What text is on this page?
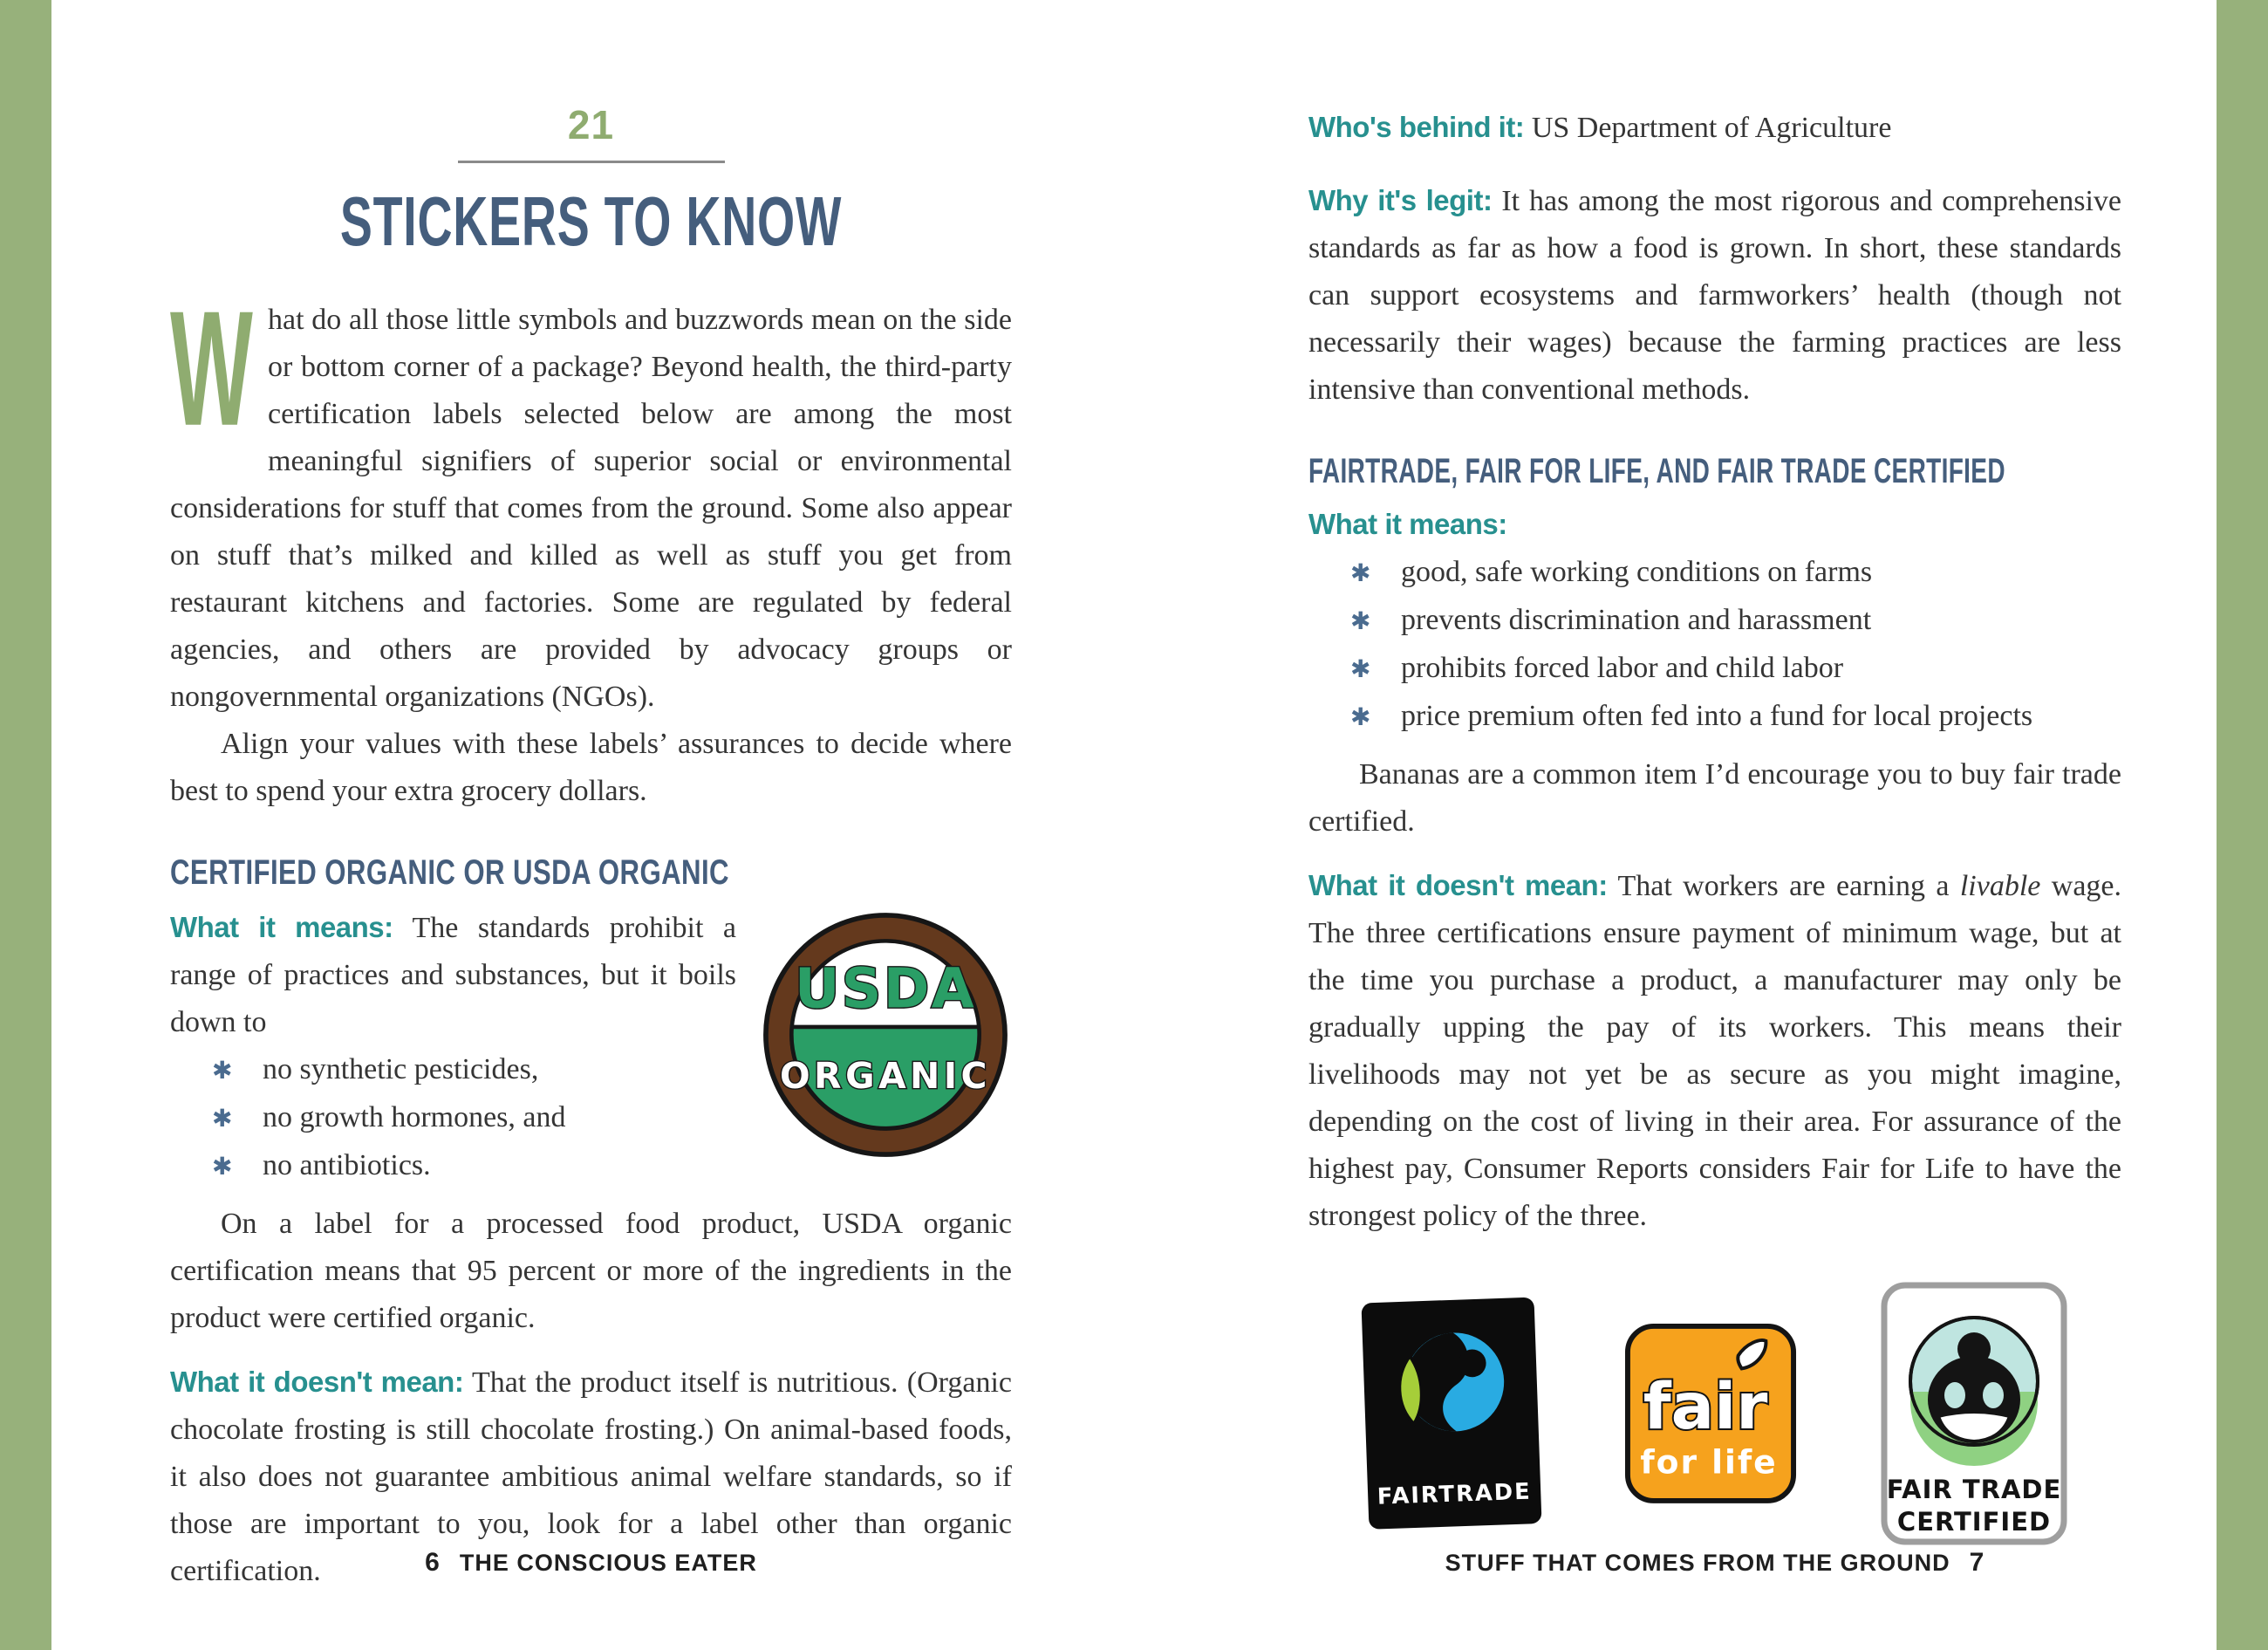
21
STICKERS TO KNOW

What do all those little symbols and buzzwords mean on the side or bottom corner of a package? Beyond health, the third-party certification labels selected below are among the most meaningful signifiers of superior social or environmental considerations for stuff that comes from the ground. Some also appear on stuff that’s milked and killed as well as stuff you get from restaurant kitchens and factories. Some are regulated by federal agencies, and others are provided by advocacy groups or nongovernmental organizations (NGOs).

Align your values with these labels’ assurances to decide where best to spend your extra grocery dollars.

CERTIFIED ORGANIC OR USDA ORGANIC
USDA
ORGANIC

What it means: The standards prohibit a range of practices and substances, but it boils down to

✱	no synthetic pesticides,
✱	no growth hormones, and
✱	no antibiotics.

On a label for a processed food product, USDA organic certification means that 95 percent or more of the ingredients in the product were certified organic.

What it doesn't mean: That the product itself is nutritious. (Organic chocolate frosting is still chocolate frosting.) On animal-based foods, it also does not guarantee ambitious animal welfare standards, so if those are important to you, look for a label other than organic certification.	6 THE CONSCIOUS EATER

Who's behind it: US Department of Agriculture

Why it's legit: It has among the most rigorous and comprehensive standards as far as how a food is grown. In short, these standards can support ecosystems and farmworkers’ health (though not necessarily their wages) because the farming practices are less intensive than conventional methods.

FAIRTRADE, FAIR FOR LIFE, AND FAIR TRADE CERTIFIED

What it means:

✱	good, safe working conditions on farms
✱	prevents discrimination and harassment
✱	prohibits forced labor and child labor
✱	price premium often fed into a fund for local projects

Bananas are a common item I’d encourage you to buy fair trade certified.

What it doesn't mean: That workers are earning a livable wage. The three certifications ensure payment of minimum wage, but at the time you purchase a product, a manufacturer may only be gradually upping the pay of its workers. This means their livelihoods may not yet be as secure as you might imagine, depending on the cost of living in their area. For assurance of the highest pay, Consumer Reports considers Fair for Life to have the strongest policy of the three.

FAIRTRADE
fair
for life
FAIR TRADE
CERTIFIED
STUFF THAT COMES FROM THE GROUND 7
